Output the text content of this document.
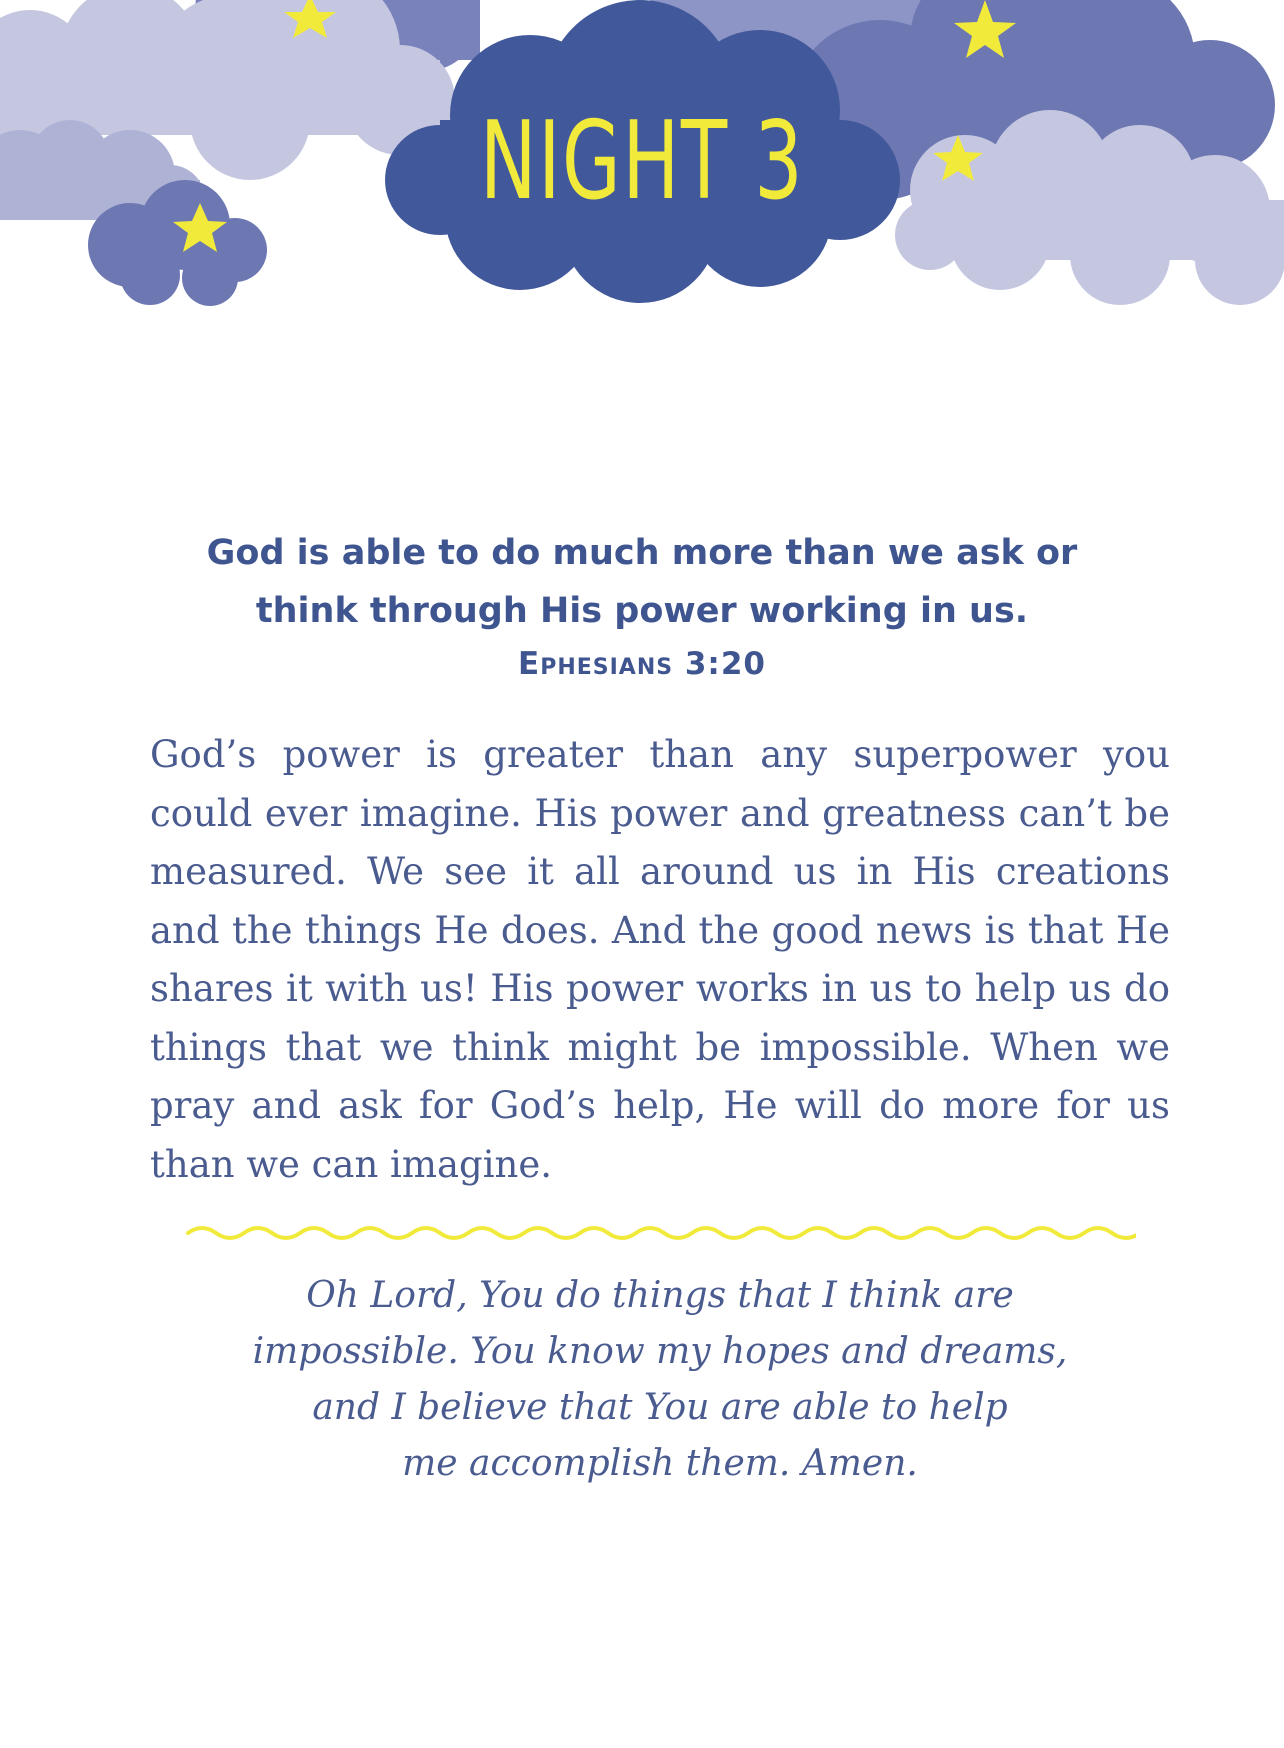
NIGHT 3

God is able to do much more than we ask or think through His power working in us.

Ephesians 3:20

God’s power is greater than any superpower you could ever imagine. His power and greatness can’t be measured. We see it all around us in His creations and the things He does. And the good news is that He shares it with us! His power works in us to help us do things that we think might be impossible. When we pray and ask for God’s help, He will do more for us than we can imagine.

Oh Lord, You do things that I think are
impossible. You know my hopes and dreams,
and I believe that You are able to help
me accomplish them. Amen.
